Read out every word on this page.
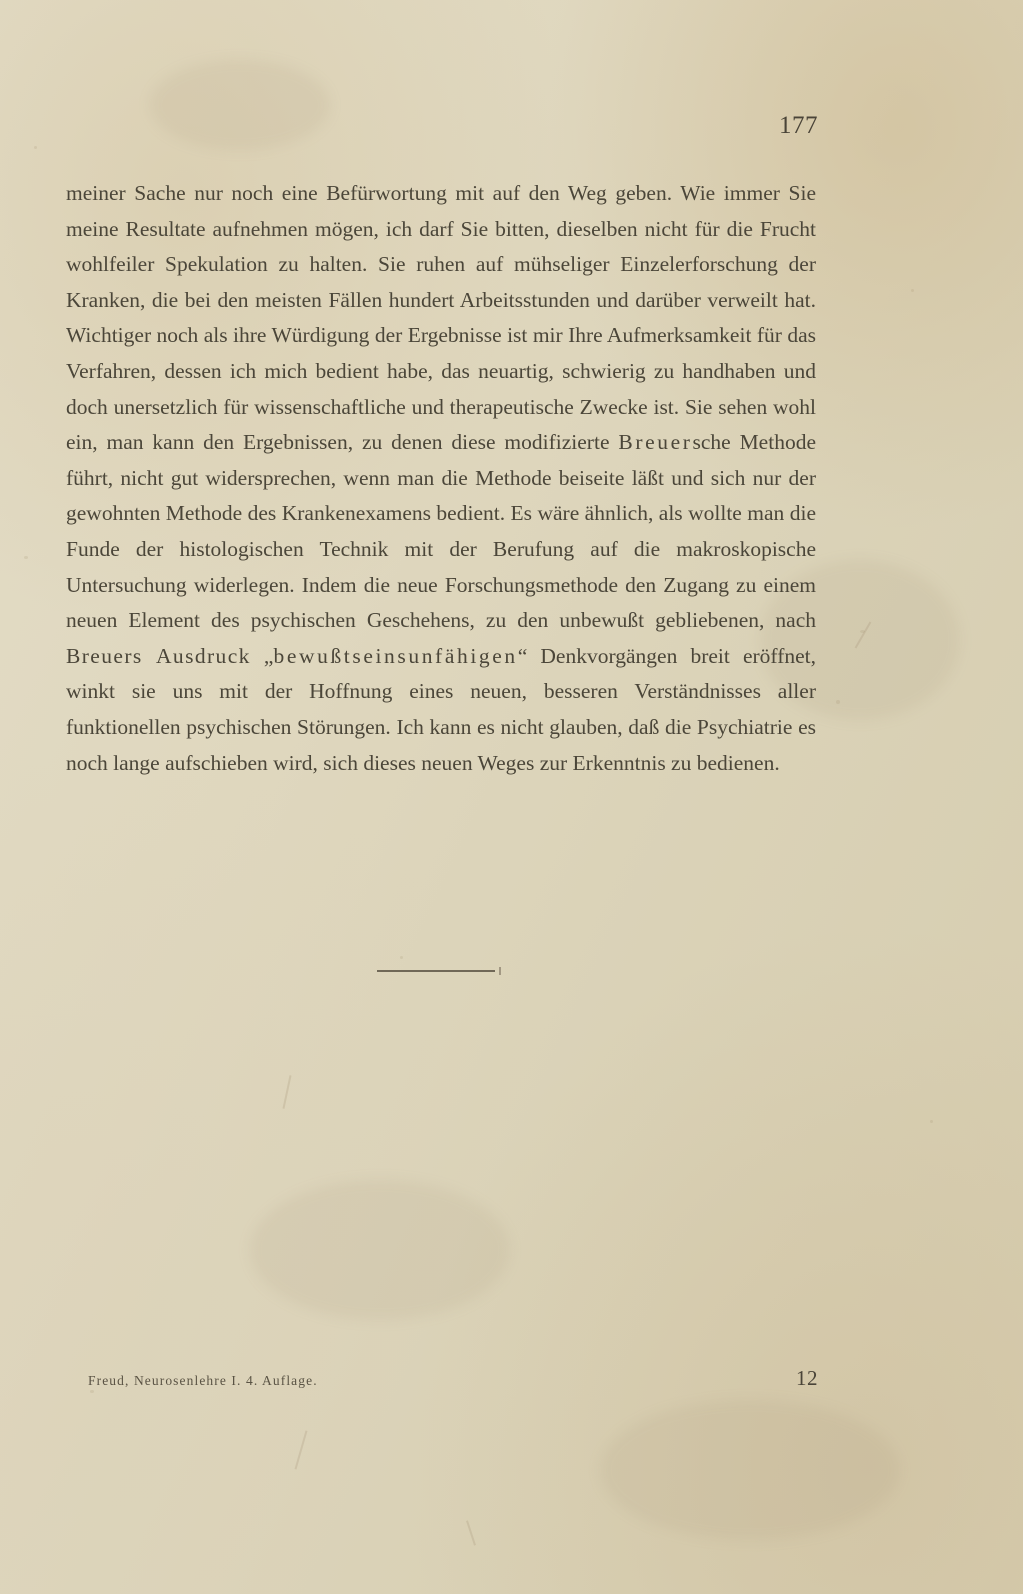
177

meiner Sache nur noch eine Befürwortung mit auf den Weg geben. Wie immer Sie meine Resultate aufnehmen mögen, ich darf Sie bitten, dieselben nicht für die Frucht wohlfeiler Spekulation zu halten. Sie ruhen auf mühseliger Einzelerforschung der Kranken, die bei den meisten Fällen hundert Arbeitsstunden und darüber verweilt hat. Wichtiger noch als ihre Würdigung der Ergebnisse ist mir Ihre Aufmerksamkeit für das Verfahren, dessen ich mich bedient habe, das neuartig, schwierig zu handhaben und doch unersetzlich für wissenschaftliche und therapeutische Zwecke ist. Sie sehen wohl ein, man kann den Ergebnissen, zu denen diese modifizierte Breuersche Methode führt, nicht gut widersprechen, wenn man die Methode beiseite läßt und sich nur der gewohnten Methode des Krankenexamens bedient. Es wäre ähnlich, als wollte man die Funde der histologischen Technik mit der Berufung auf die makroskopische Untersuchung widerlegen. Indem die neue Forschungsmethode den Zugang zu einem neuen Element des psychischen Geschehens, zu den unbewußt gebliebenen, nach Breuers Ausdruck „bewußtseinsunfähigen“ Denkvorgängen breit eröffnet, winkt sie uns mit der Hoffnung eines neuen, besseren Verständnisses aller funktionellen psychischen Störungen. Ich kann es nicht glauben, daß die Psychiatrie es noch lange aufschieben wird, sich dieses neuen Weges zur Erkenntnis zu bedienen.

Freud, Neurosenlehre I. 4. Auflage.	12
